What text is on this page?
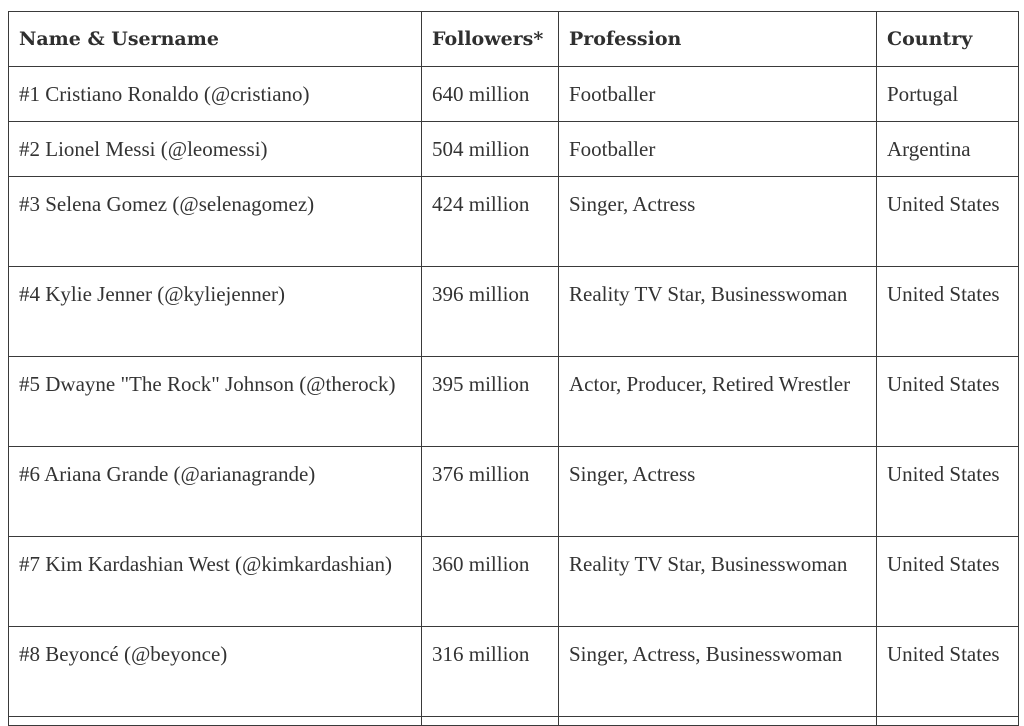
Name & Username	Followers*	Profession	Country
#1 Cristiano Ronaldo (@cristiano)	640 million	Footballer	Portugal
#2 Lionel Messi (@leomessi)	504 million	Footballer	Argentina
#3 Selena Gomez (@selenagomez)	424 million	Singer, Actress	United States
#4 Kylie Jenner (@kyliejenner)	396 million	Reality TV Star, Businesswoman	United States
#5 Dwayne "The Rock" Johnson (@therock)	395 million	Actor, Producer, Retired Wrestler	United States
#6 Ariana Grande (@arianagrande)	376 million	Singer, Actress	United States
#7 Kim Kardashian West (@kimkardashian)	360 million	Reality TV Star, Businesswoman	United States
#8 Beyoncé (@beyonce)	316 million	Singer, Actress, Businesswoman	United States
